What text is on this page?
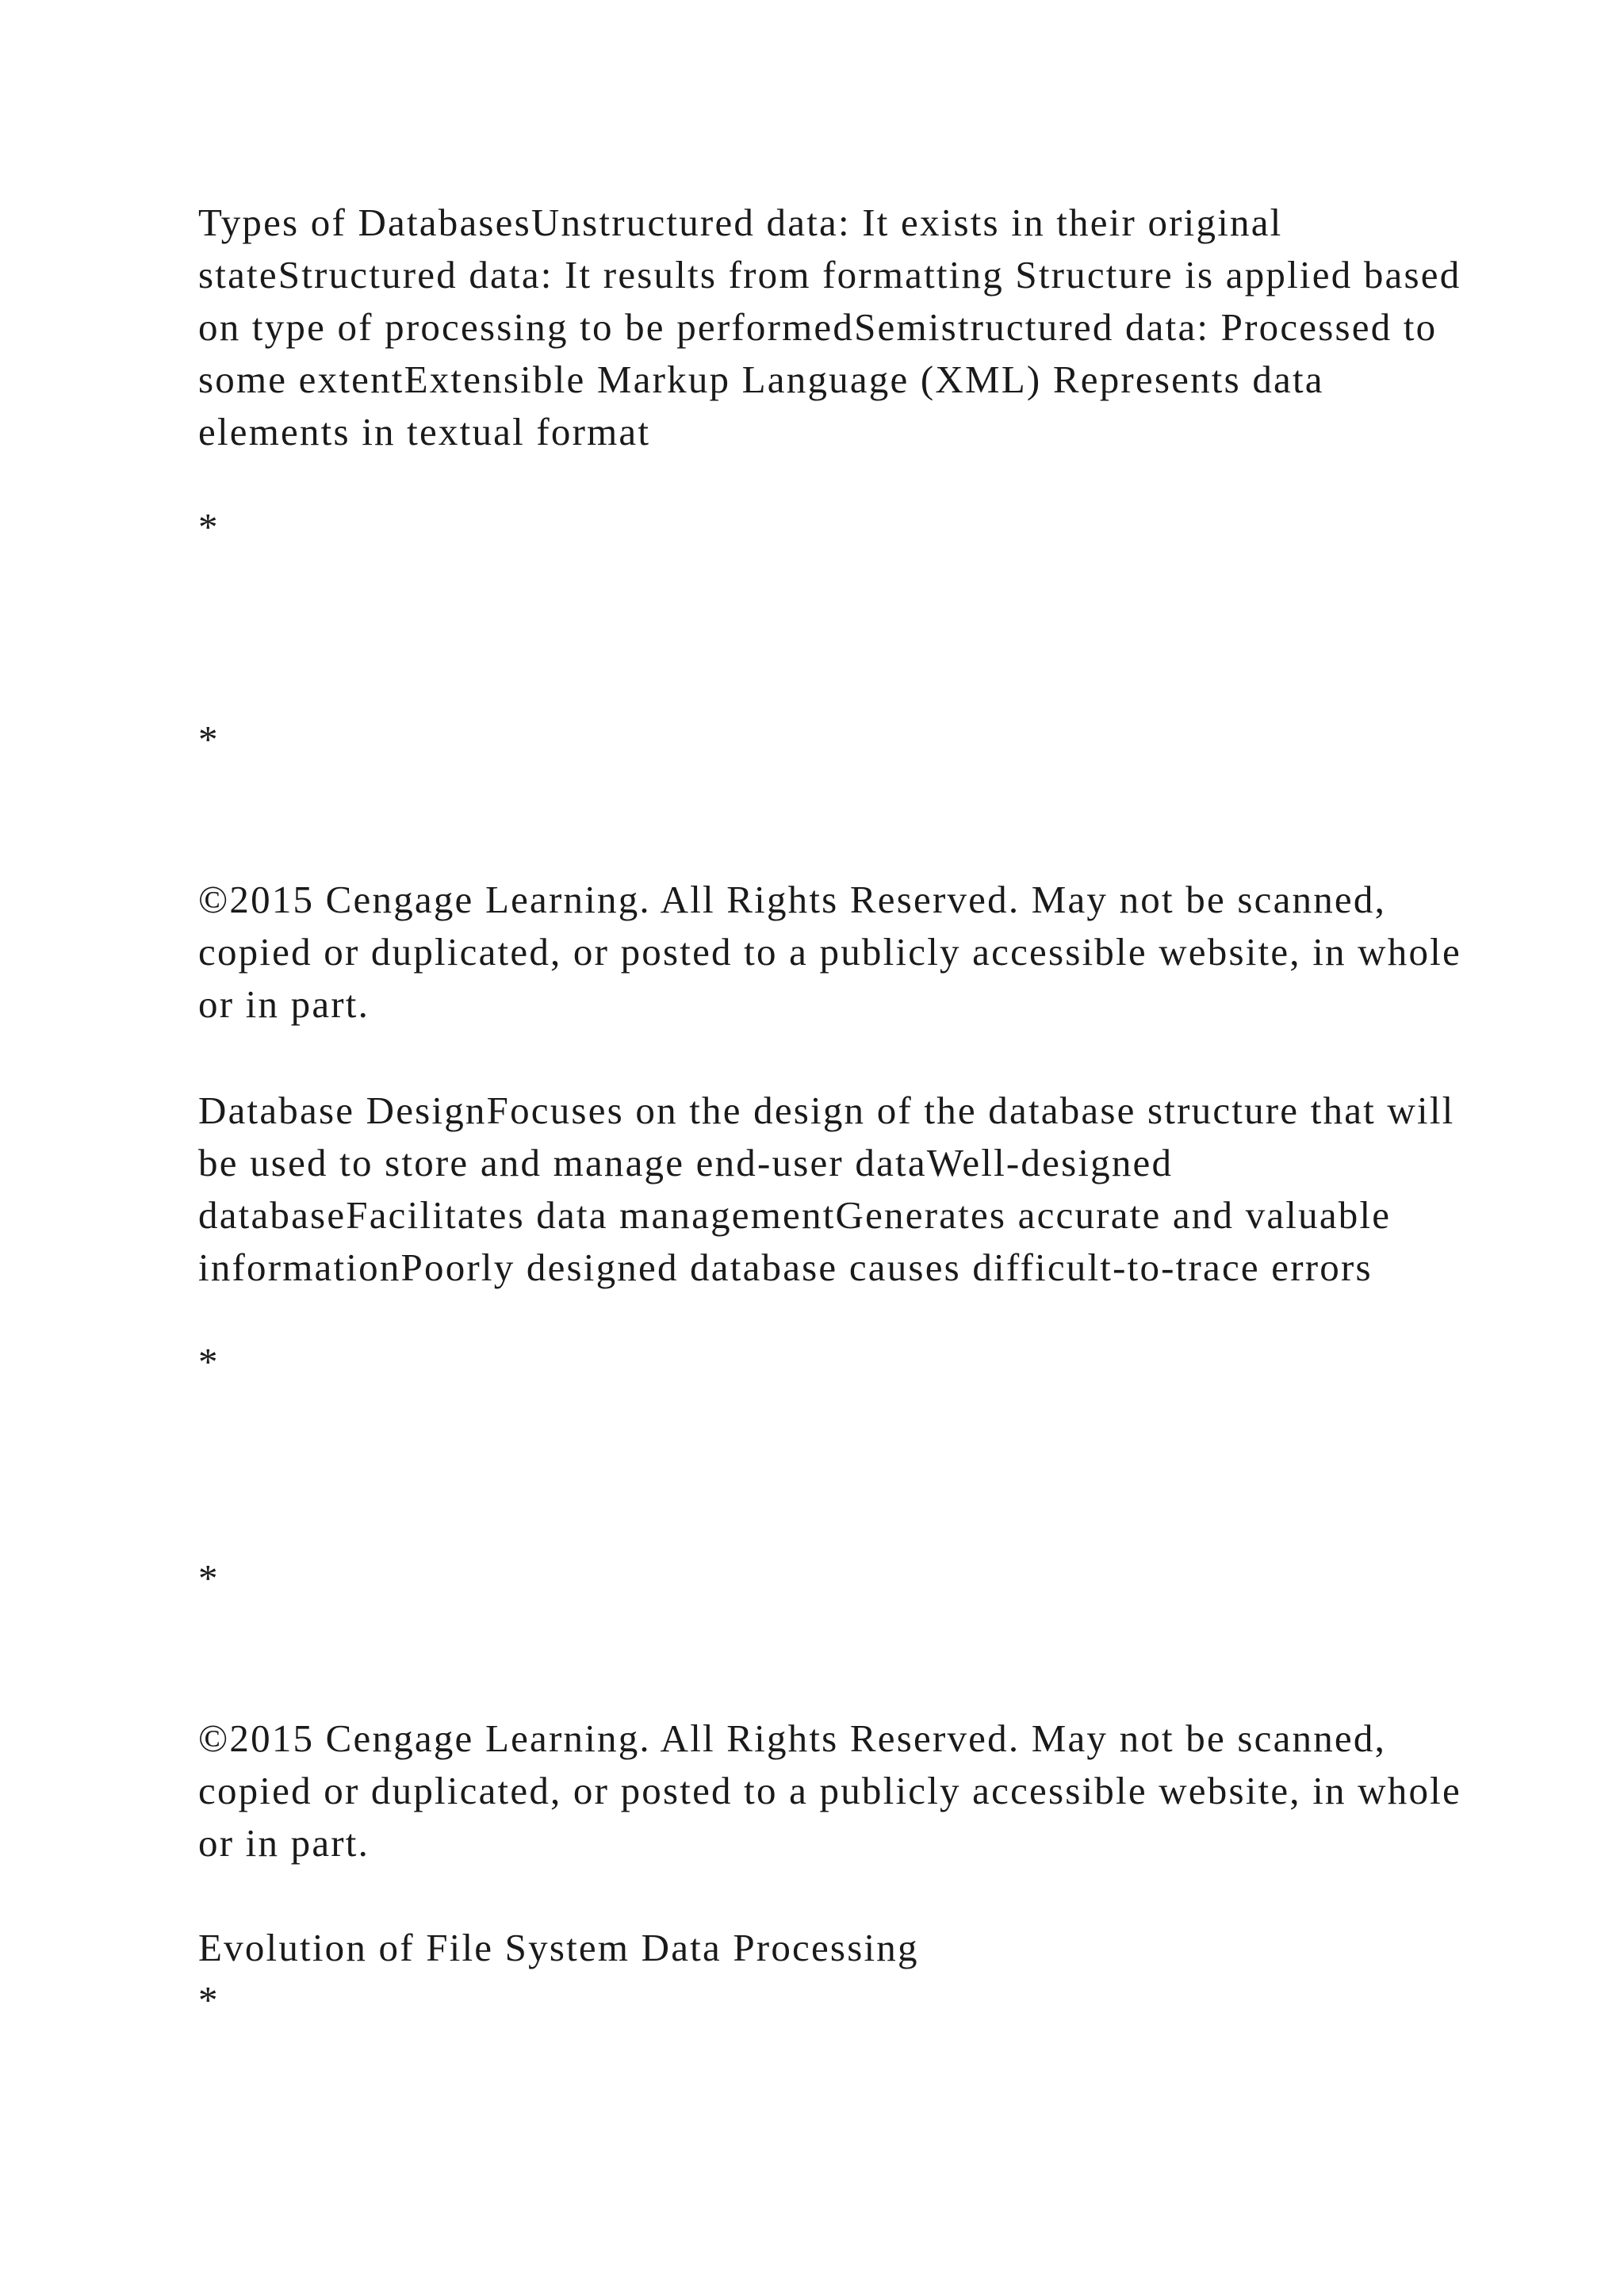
Types of DatabasesUnstructured data: It exists in their original stateStructured data: It results from formatting Structure is applied based on type of processing to be performedSemistructured data: Processed to some extentExtensible Markup Language (XML) Represents data elements in textual format

*

*

©2015 Cengage Learning. All Rights Reserved. May not be scanned, copied or duplicated, or posted to a publicly accessible website, in whole or in part.

Database DesignFocuses on the design of the database structure that will be used to store and manage end-user dataWell-designed databaseFacilitates data managementGenerates accurate and valuable informationPoorly designed database causes difficult-to-trace errors

*

*

©2015 Cengage Learning. All Rights Reserved. May not be scanned, copied or duplicated, or posted to a publicly accessible website, in whole or in part.

Evolution of File System Data Processing

*
